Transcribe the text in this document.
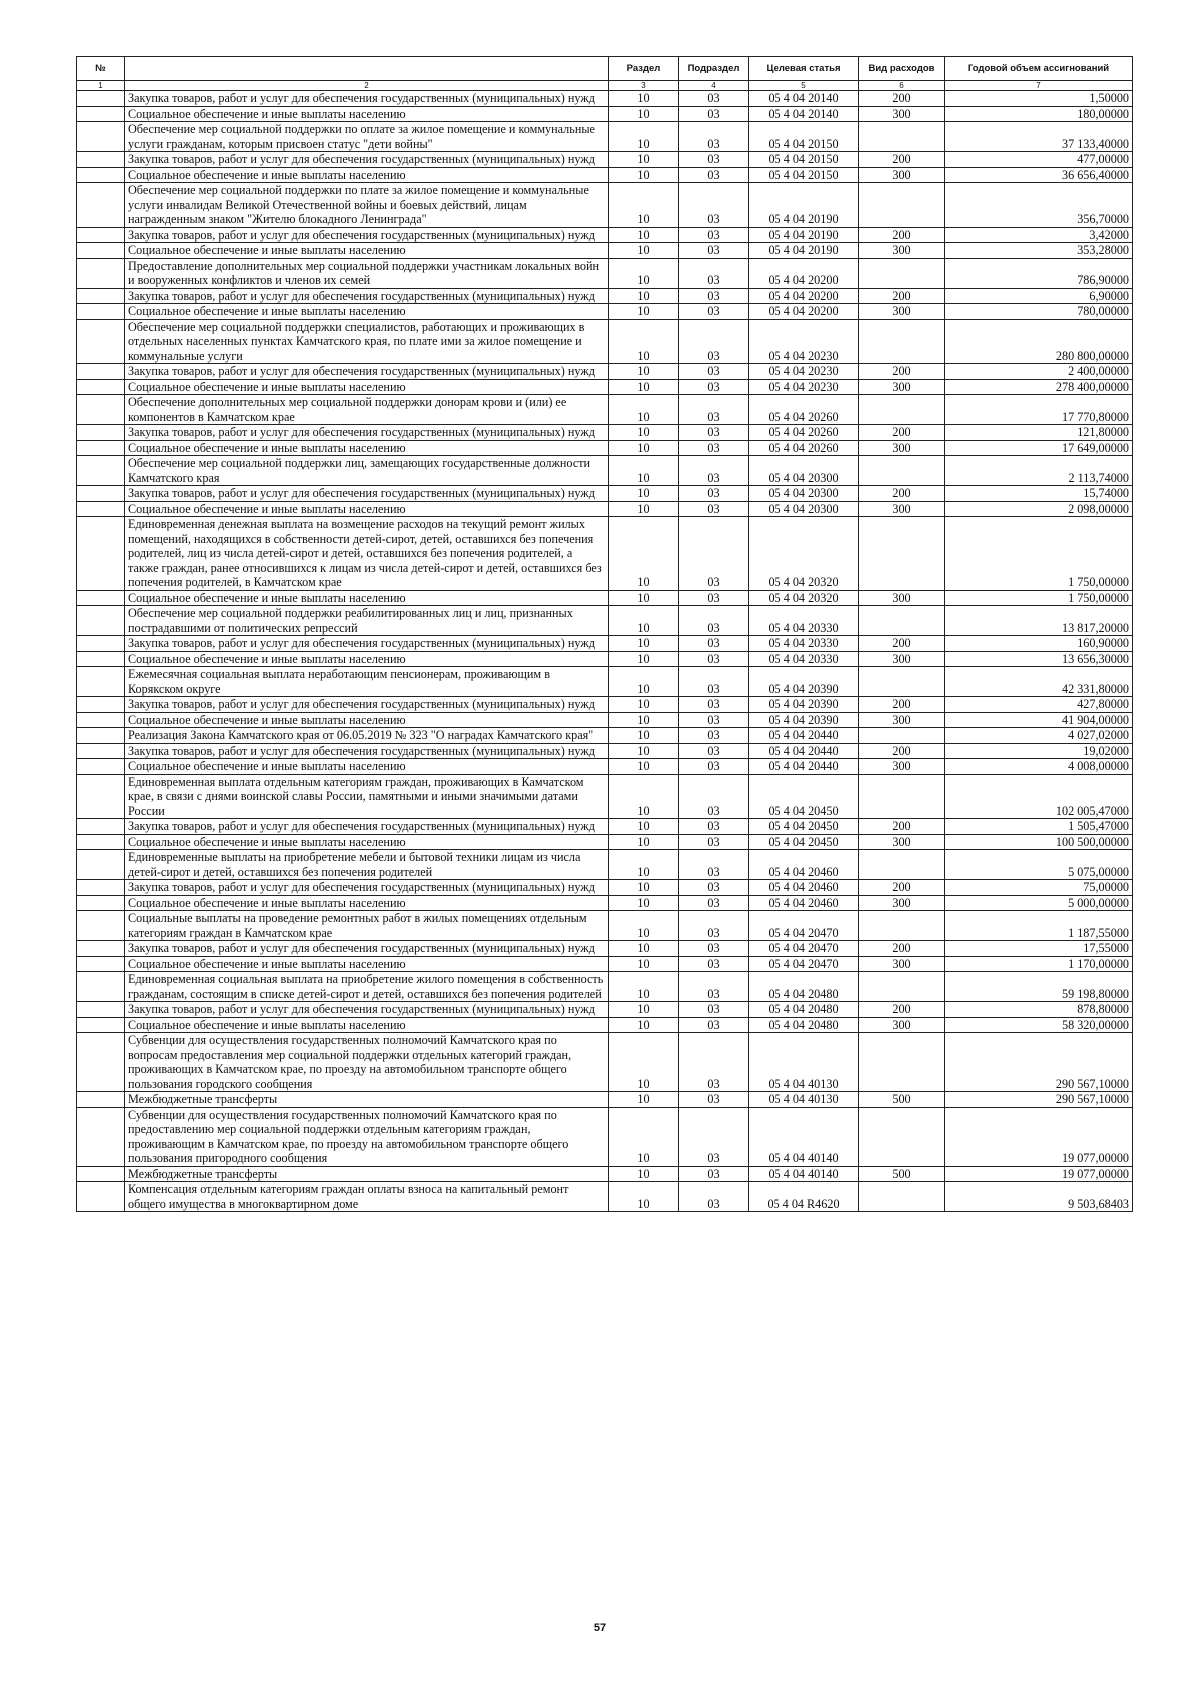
№		Раздел	Подраздел	Целевая статья	Вид расходов	Годовой объем ассигнований
1	2	3	4	5	6	7
	Закупка товаров, работ и услуг для обеспечения государственных (муниципальных) нужд	10	03	05 4 04 20140	200	1,50000
	Социальное обеспечение и иные выплаты населению	10	03	05 4 04 20140	300	180,00000
	Обеспечение мер социальной поддержки по оплате за жилое помещение и коммунальные услуги гражданам, которым присвоен статус "дети войны"	10	03	05 4 04 20150		37 133,40000
	Закупка товаров, работ и услуг для обеспечения государственных (муниципальных) нужд	10	03	05 4 04 20150	200	477,00000
	Социальное обеспечение и иные выплаты населению	10	03	05 4 04 20150	300	36 656,40000
	Обеспечение мер социальной поддержки по плате за жилое помещение и коммунальные услуги инвалидам Великой Отечественной войны и боевых действий, лицам награжденным знаком "Жителю блокадного Ленинграда"	10	03	05 4 04 20190		356,70000
	Закупка товаров, работ и услуг для обеспечения государственных (муниципальных) нужд	10	03	05 4 04 20190	200	3,42000
	Социальное обеспечение и иные выплаты населению	10	03	05 4 04 20190	300	353,28000
	Предоставление дополнительных мер социальной поддержки участникам локальных войн и вооруженных конфликтов и членов их семей	10	03	05 4 04 20200		786,90000
	Закупка товаров, работ и услуг для обеспечения государственных (муниципальных) нужд	10	03	05 4 04 20200	200	6,90000
	Социальное обеспечение и иные выплаты населению	10	03	05 4 04 20200	300	780,00000
	Обеспечение мер социальной поддержки специалистов, работающих и проживающих в отдельных населенных пунктах Камчатского края, по плате ими за жилое помещение и коммунальные услуги	10	03	05 4 04 20230		280 800,00000
	Закупка товаров, работ и услуг для обеспечения государственных (муниципальных) нужд	10	03	05 4 04 20230	200	2 400,00000
	Социальное обеспечение и иные выплаты населению	10	03	05 4 04 20230	300	278 400,00000
	Обеспечение дополнительных мер социальной поддержки донорам крови и (или) ее компонентов в Камчатском крае	10	03	05 4 04 20260		17 770,80000
	Закупка товаров, работ и услуг для обеспечения государственных (муниципальных) нужд	10	03	05 4 04 20260	200	121,80000
	Социальное обеспечение и иные выплаты населению	10	03	05 4 04 20260	300	17 649,00000
	Обеспечение мер социальной поддержки лиц, замещающих государственные должности Камчатского края	10	03	05 4 04 20300		2 113,74000
	Закупка товаров, работ и услуг для обеспечения государственных (муниципальных) нужд	10	03	05 4 04 20300	200	15,74000
	Социальное обеспечение и иные выплаты населению	10	03	05 4 04 20300	300	2 098,00000
	Единовременная денежная выплата на возмещение расходов на текущий ремонт жилых помещений, находящихся в собственности детей-сирот, детей, оставшихся без попечения родителей, лиц из числа детей-сирот и детей, оставшихся без попечения родителей, а также граждан, ранее относившихся к лицам из числа детей-сирот и детей, оставшихся без попечения родителей, в Камчатском крае	10	03	05 4 04 20320		1 750,00000
	Социальное обеспечение и иные выплаты населению	10	03	05 4 04 20320	300	1 750,00000
	Обеспечение мер социальной поддержки реабилитированных лиц и лиц, признанных пострадавшими от политических репрессий	10	03	05 4 04 20330		13 817,20000
	Закупка товаров, работ и услуг для обеспечения государственных (муниципальных) нужд	10	03	05 4 04 20330	200	160,90000
	Социальное обеспечение и иные выплаты населению	10	03	05 4 04 20330	300	13 656,30000
	Ежемесячная социальная выплата неработающим пенсионерам, проживающим в Корякском округе	10	03	05 4 04 20390		42 331,80000
	Закупка товаров, работ и услуг для обеспечения государственных (муниципальных) нужд	10	03	05 4 04 20390	200	427,80000
	Социальное обеспечение и иные выплаты населению	10	03	05 4 04 20390	300	41 904,00000
	Реализация Закона Камчатского края от 06.05.2019 № 323 "О наградах Камчатского края"	10	03	05 4 04 20440		4 027,02000
	Закупка товаров, работ и услуг для обеспечения государственных (муниципальных) нужд	10	03	05 4 04 20440	200	19,02000
	Социальное обеспечение и иные выплаты населению	10	03	05 4 04 20440	300	4 008,00000
	Единовременная выплата отдельным категориям граждан, проживающих в Камчатском крае, в связи с днями воинской славы России, памятными и иными значимыми датами России	10	03	05 4 04 20450		102 005,47000
	Закупка товаров, работ и услуг для обеспечения государственных (муниципальных) нужд	10	03	05 4 04 20450	200	1 505,47000
	Социальное обеспечение и иные выплаты населению	10	03	05 4 04 20450	300	100 500,00000
	Единовременные выплаты на приобретение мебели и бытовой техники лицам из числа детей-сирот и детей, оставшихся без попечения родителей	10	03	05 4 04 20460		5 075,00000
	Закупка товаров, работ и услуг для обеспечения государственных (муниципальных) нужд	10	03	05 4 04 20460	200	75,00000
	Социальное обеспечение и иные выплаты населению	10	03	05 4 04 20460	300	5 000,00000
	Социальные выплаты на проведение ремонтных работ в жилых помещениях отдельным категориям граждан в Камчатском крае	10	03	05 4 04 20470		1 187,55000
	Закупка товаров, работ и услуг для обеспечения государственных (муниципальных) нужд	10	03	05 4 04 20470	200	17,55000
	Социальное обеспечение и иные выплаты населению	10	03	05 4 04 20470	300	1 170,00000
	Единовременная социальная выплата на приобретение жилого помещения в собственность гражданам, состоящим в списке детей-сирот и детей, оставшихся без попечения родителей	10	03	05 4 04 20480		59 198,80000
	Закупка товаров, работ и услуг для обеспечения государственных (муниципальных) нужд	10	03	05 4 04 20480	200	878,80000
	Социальное обеспечение и иные выплаты населению	10	03	05 4 04 20480	300	58 320,00000
	Субвенции для осуществления государственных полномочий Камчатского края по вопросам предоставления мер социальной поддержки отдельных категорий граждан, проживающих в Камчатском крае, по проезду на автомобильном транспорте общего пользования городского сообщения	10	03	05 4 04 40130		290 567,10000
	Межбюджетные трансферты	10	03	05 4 04 40130	500	290 567,10000
	Субвенции для осуществления государственных полномочий Камчатского края по предоставлению мер социальной поддержки отдельным категориям граждан, проживающим в Камчатском крае, по проезду на автомобильном транспорте общего пользования пригородного сообщения	10	03	05 4 04 40140		19 077,00000
	Межбюджетные трансферты	10	03	05 4 04 40140	500	19 077,00000
	Компенсация отдельным категориям граждан оплаты взноса на капитальный ремонт общего имущества в многоквартирном доме	10	03	05 4 04 R4620		9 503,68403
57
